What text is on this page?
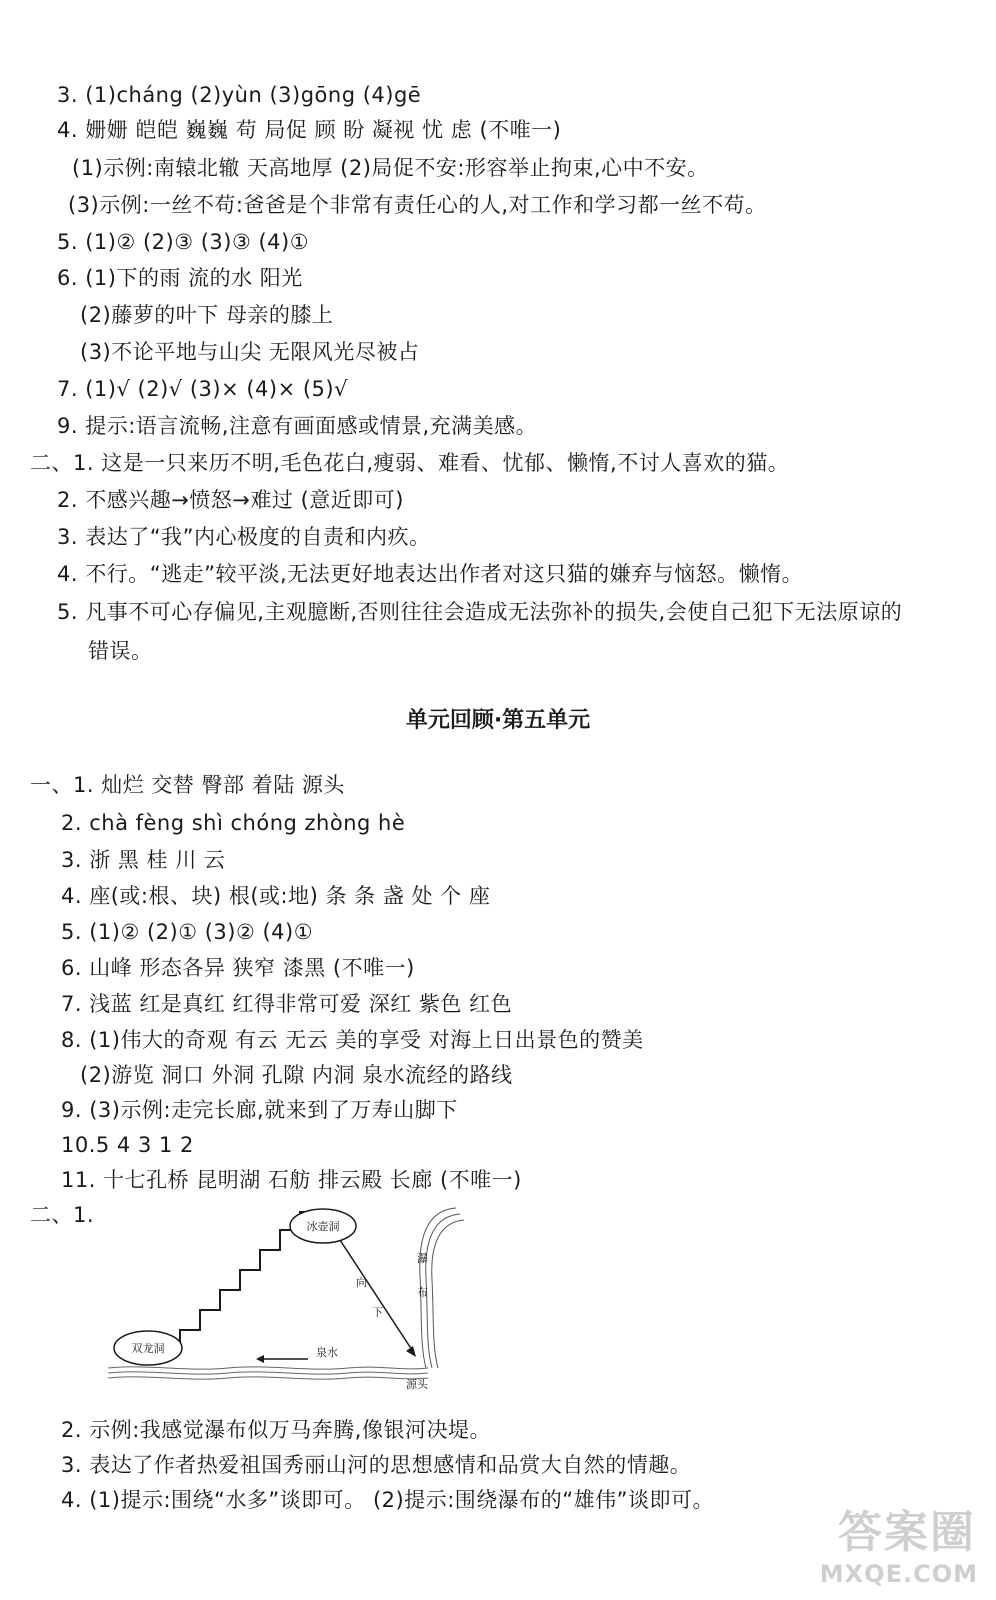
3. (1)cháng (2)yùn (3)gōng (4)gē
4. 姗姗 皑皑 巍巍 苟 局促 顾 盼 凝视 忧 虑 (不唯一)
(1)示例:南辕北辙 天高地厚 (2)局促不安:形容举止拘束,心中不安。
(3)示例:一丝不苟:爸爸是个非常有责任心的人,对工作和学习都一丝不苟。
5. (1)② (2)③ (3)③ (4)①
6. (1)下的雨 流的水 阳光
(2)藤萝的叶下 母亲的膝上
(3)不论平地与山尖 无限风光尽被占
7. (1)√ (2)√ (3)× (4)× (5)√
9. 提示:语言流畅,注意有画面感或情景,充满美感。
二、1. 这是一只来历不明,毛色花白,瘦弱、难看、忧郁、懒惰,不讨人喜欢的猫。
2. 不感兴趣→愤怒→难过 (意近即可)
3. 表达了“我”内心极度的自责和内疚。
4. 不行。“逃走”较平淡,无法更好地表达出作者对这只猫的嫌弃与恼怒。懒惰。
5. 凡事不可心存偏见,主观臆断,否则往往会造成无法弥补的损失,会使自己犯下无法原谅的
错误。
单元回顾·第五单元
一、1. 灿烂 交替 臀部 着陆 源头
2. chà fèng shì chóng zhòng hè
3. 浙 黑 桂 川 云
4. 座(或:根、块) 根(或:地) 条 条 盏 处 个 座
5. (1)② (2)① (3)② (4)①
6. 山峰 形态各异 狭窄 漆黑 (不唯一)
7. 浅蓝 红是真红 红得非常可爱 深红 紫色 红色
8. (1)伟大的奇观 有云 无云 美的享受 对海上日出景色的赞美
(2)游览 洞口 外洞 孔隙 内洞 泉水流经的路线
9. (3)示例:走完长廊,就来到了万寿山脚下
10.5 4 3 1 2
11. 十七孔桥 昆明湖 石舫 排云殿 长廊 (不唯一)
二、1.	冰壶洞
双龙洞
向
下
瀑
布
泉水
源头
2. 示例:我感觉瀑布似万马奔腾,像银河决堤。
3. 表达了作者热爱祖国秀丽山河的思想感情和品赏大自然的情趣。
4. (1)提示:围绕“水多”谈即可。 (2)提示:围绕瀑布的“雄伟”谈即可。
答案圈
MXQE.COM
